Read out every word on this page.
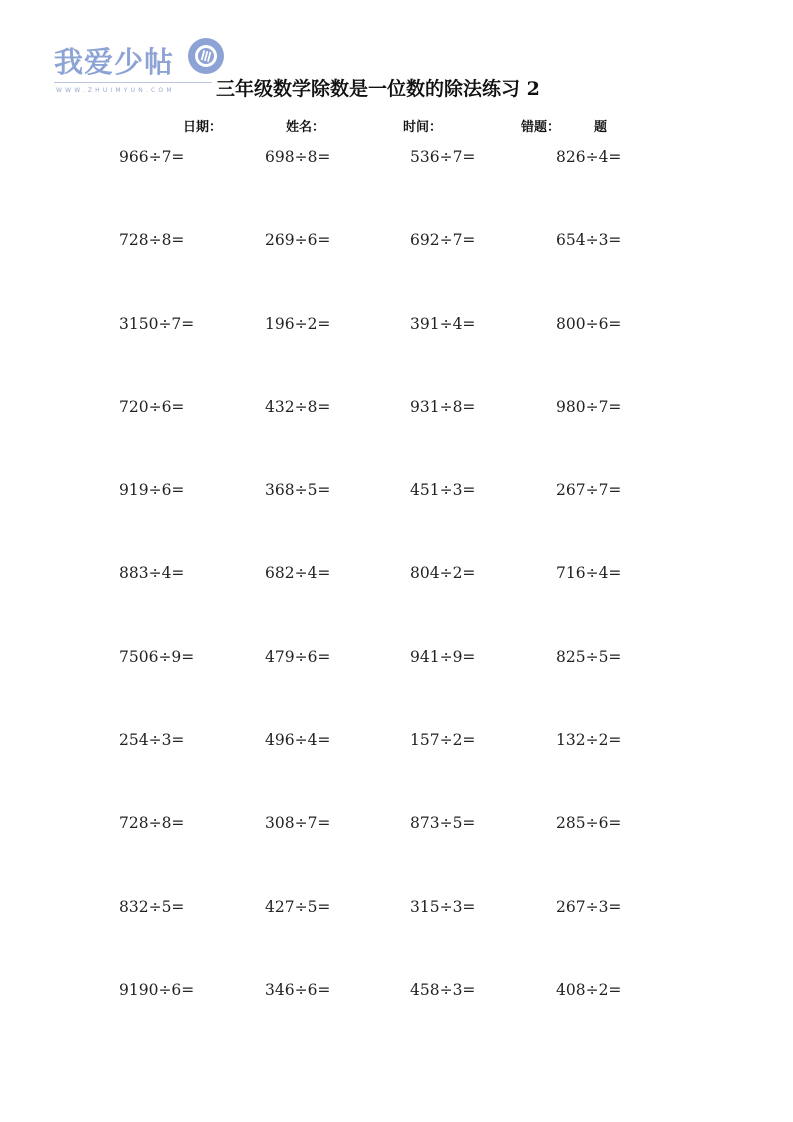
我爱少帖
WWW.ZHUIMYUN.COM 三年级数学除数是一位数的除法练习 2
日期：	姓名：	时间：	错题：	题
966÷7=	698÷8=	536÷7=	826÷4=
728÷8=	269÷6=	692÷7=	654÷3=
3150÷7=	196÷2=	391÷4=	800÷6=
720÷6=	432÷8=	931÷8=	980÷7=
919÷6=	368÷5=	451÷3=	267÷7=
883÷4=	682÷4=	804÷2=	716÷4=
7506÷9=	479÷6=	941÷9=	825÷5=
254÷3=	496÷4=	157÷2=	132÷2=
728÷8=	308÷7=	873÷5=	285÷6=
832÷5=	427÷5=	315÷3=	267÷3=
9190÷6=	346÷6=	458÷3=	408÷2=
